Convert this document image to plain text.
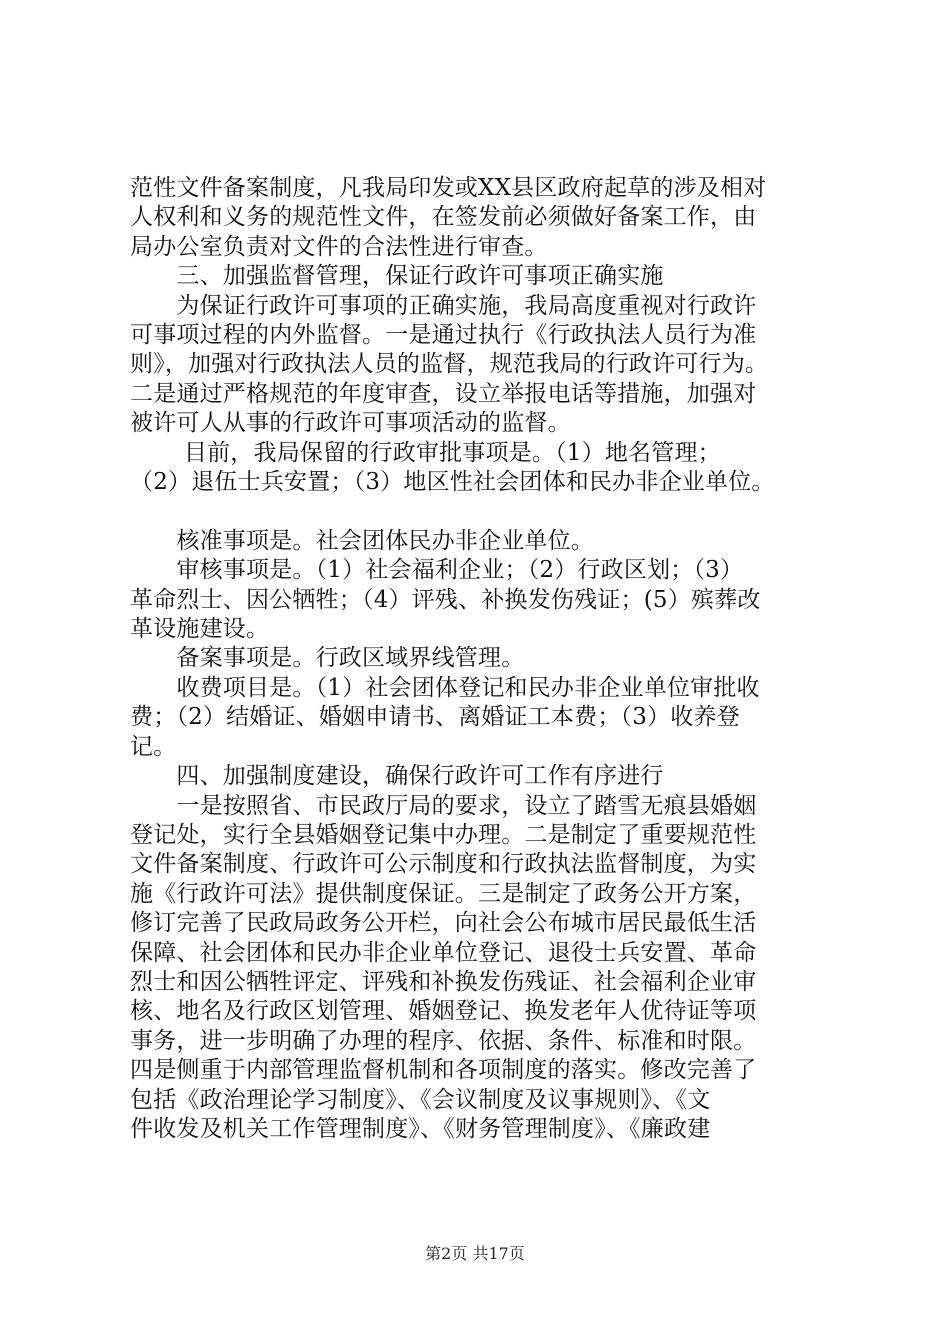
范性文件备案制度，凡我局印发或XX县区政府起草的涉及相对
人权利和义务的规范性文件，在签发前必须做好备案工作，由
局办公室负责对文件的合法性进行审查。
　　三、加强监督管理，保证行政许可事项正确实施
　　为保证行政许可事项的正确实施，我局高度重视对行政许
可事项过程的内外监督。一是通过执行《行政执法人员行为准
则》，加强对行政执法人员的监督，规范我局的行政许可行为。
二是通过严格规范的年度审查，设立举报电话等措施，加强对
被许可人从事的行政许可事项活动的监督。
　　 目前，我局保留的行政审批事项是。（1）地名管理；
（2）退伍士兵安置；（3）地区性社会团体和民办非企业单位。
　　核准事项是。社会团体民办非企业单位。
　　审核事项是。（1）社会福利企业；（2）行政区划；（3）
革命烈士、因公牺牲；（4）评残、补换发伤残证；(5）殡葬改
革设施建设。
　　备案事项是。行政区域界线管理。
　　收费项目是。（1）社会团体登记和民办非企业单位审批收
费；（2）结婚证、婚姻申请书、离婚证工本费；（3）收养登
记。
　　四、加强制度建设，确保行政许可工作有序进行
　　一是按照省、市民政厅局的要求，设立了踏雪无痕县婚姻
登记处，实行全县婚姻登记集中办理。二是制定了重要规范性
文件备案制度、行政许可公示制度和行政执法监督制度，为实
施《行政许可法》提供制度保证。三是制定了政务公开方案，
修订完善了民政局政务公开栏，向社会公布城市居民最低生活
保障、社会团体和民办非企业单位登记、退役士兵安置、革命
烈士和因公牺牲评定、评残和补换发伤残证、社会福利企业审
核、地名及行政区划管理、婚姻登记、换发老年人优待证等项
事务，进一步明确了办理的程序、依据、条件、标准和时限。
四是侧重于内部管理监督机制和各项制度的落实。修改完善了
包括《政治理论学习制度》、《会议制度及议事规则》、《文
件收发及机关工作管理制度》、《财务管理制度》、《廉政建
第2页 共17页
